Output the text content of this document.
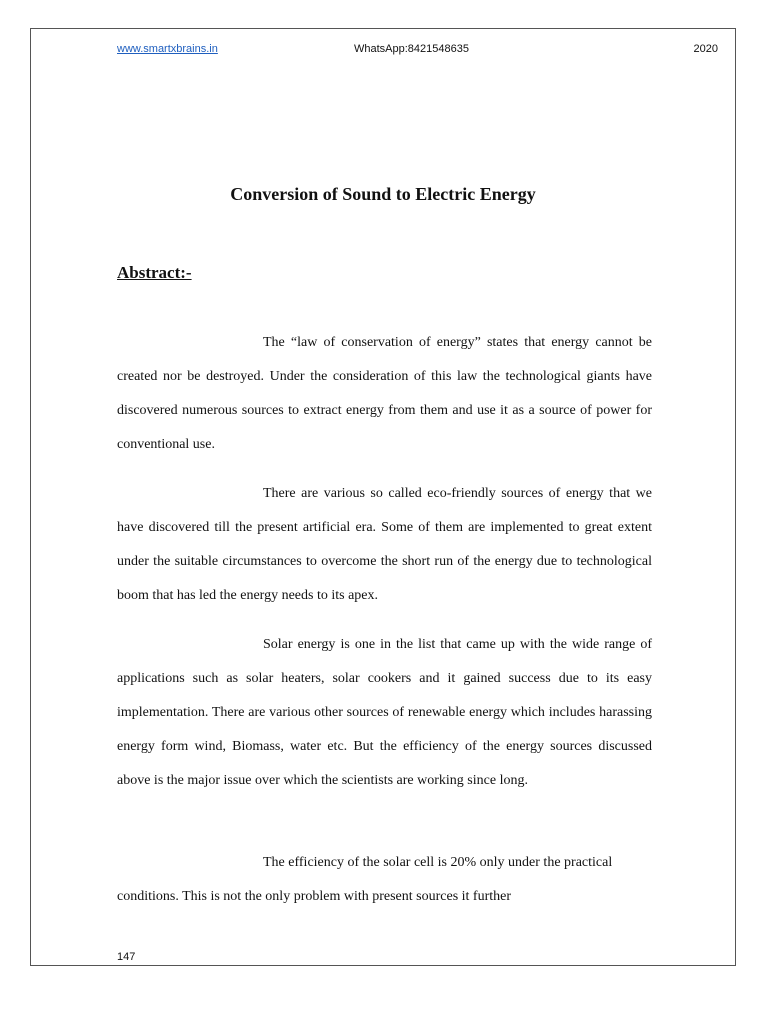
www.smartxbrains.in	WhatsApp:8421548635	2020
Conversion of Sound to Electric Energy
Abstract:-

The “law of conservation of energy” states that energy cannot be created nor be destroyed. Under the consideration of this law the technological giants have discovered numerous sources to extract energy from them and use it as a source of power for conventional use.

There are various so called eco-friendly sources of energy that we have discovered till the present artificial era. Some of them are implemented to great extent under the suitable circumstances to overcome the short run of the energy due to technological boom that has led the energy needs to its apex.

Solar energy is one in the list that came up with the wide range of applications such as solar heaters, solar cookers and it gained success due to its easy implementation. There are various other sources of renewable energy which includes harassing energy form wind, Biomass, water etc. But the efficiency of the energy sources discussed above is the major issue over which the scientists are working since long.

The efficiency of the solar cell is 20% only under the practical conditions. This is not the only problem with present sources it further

147
